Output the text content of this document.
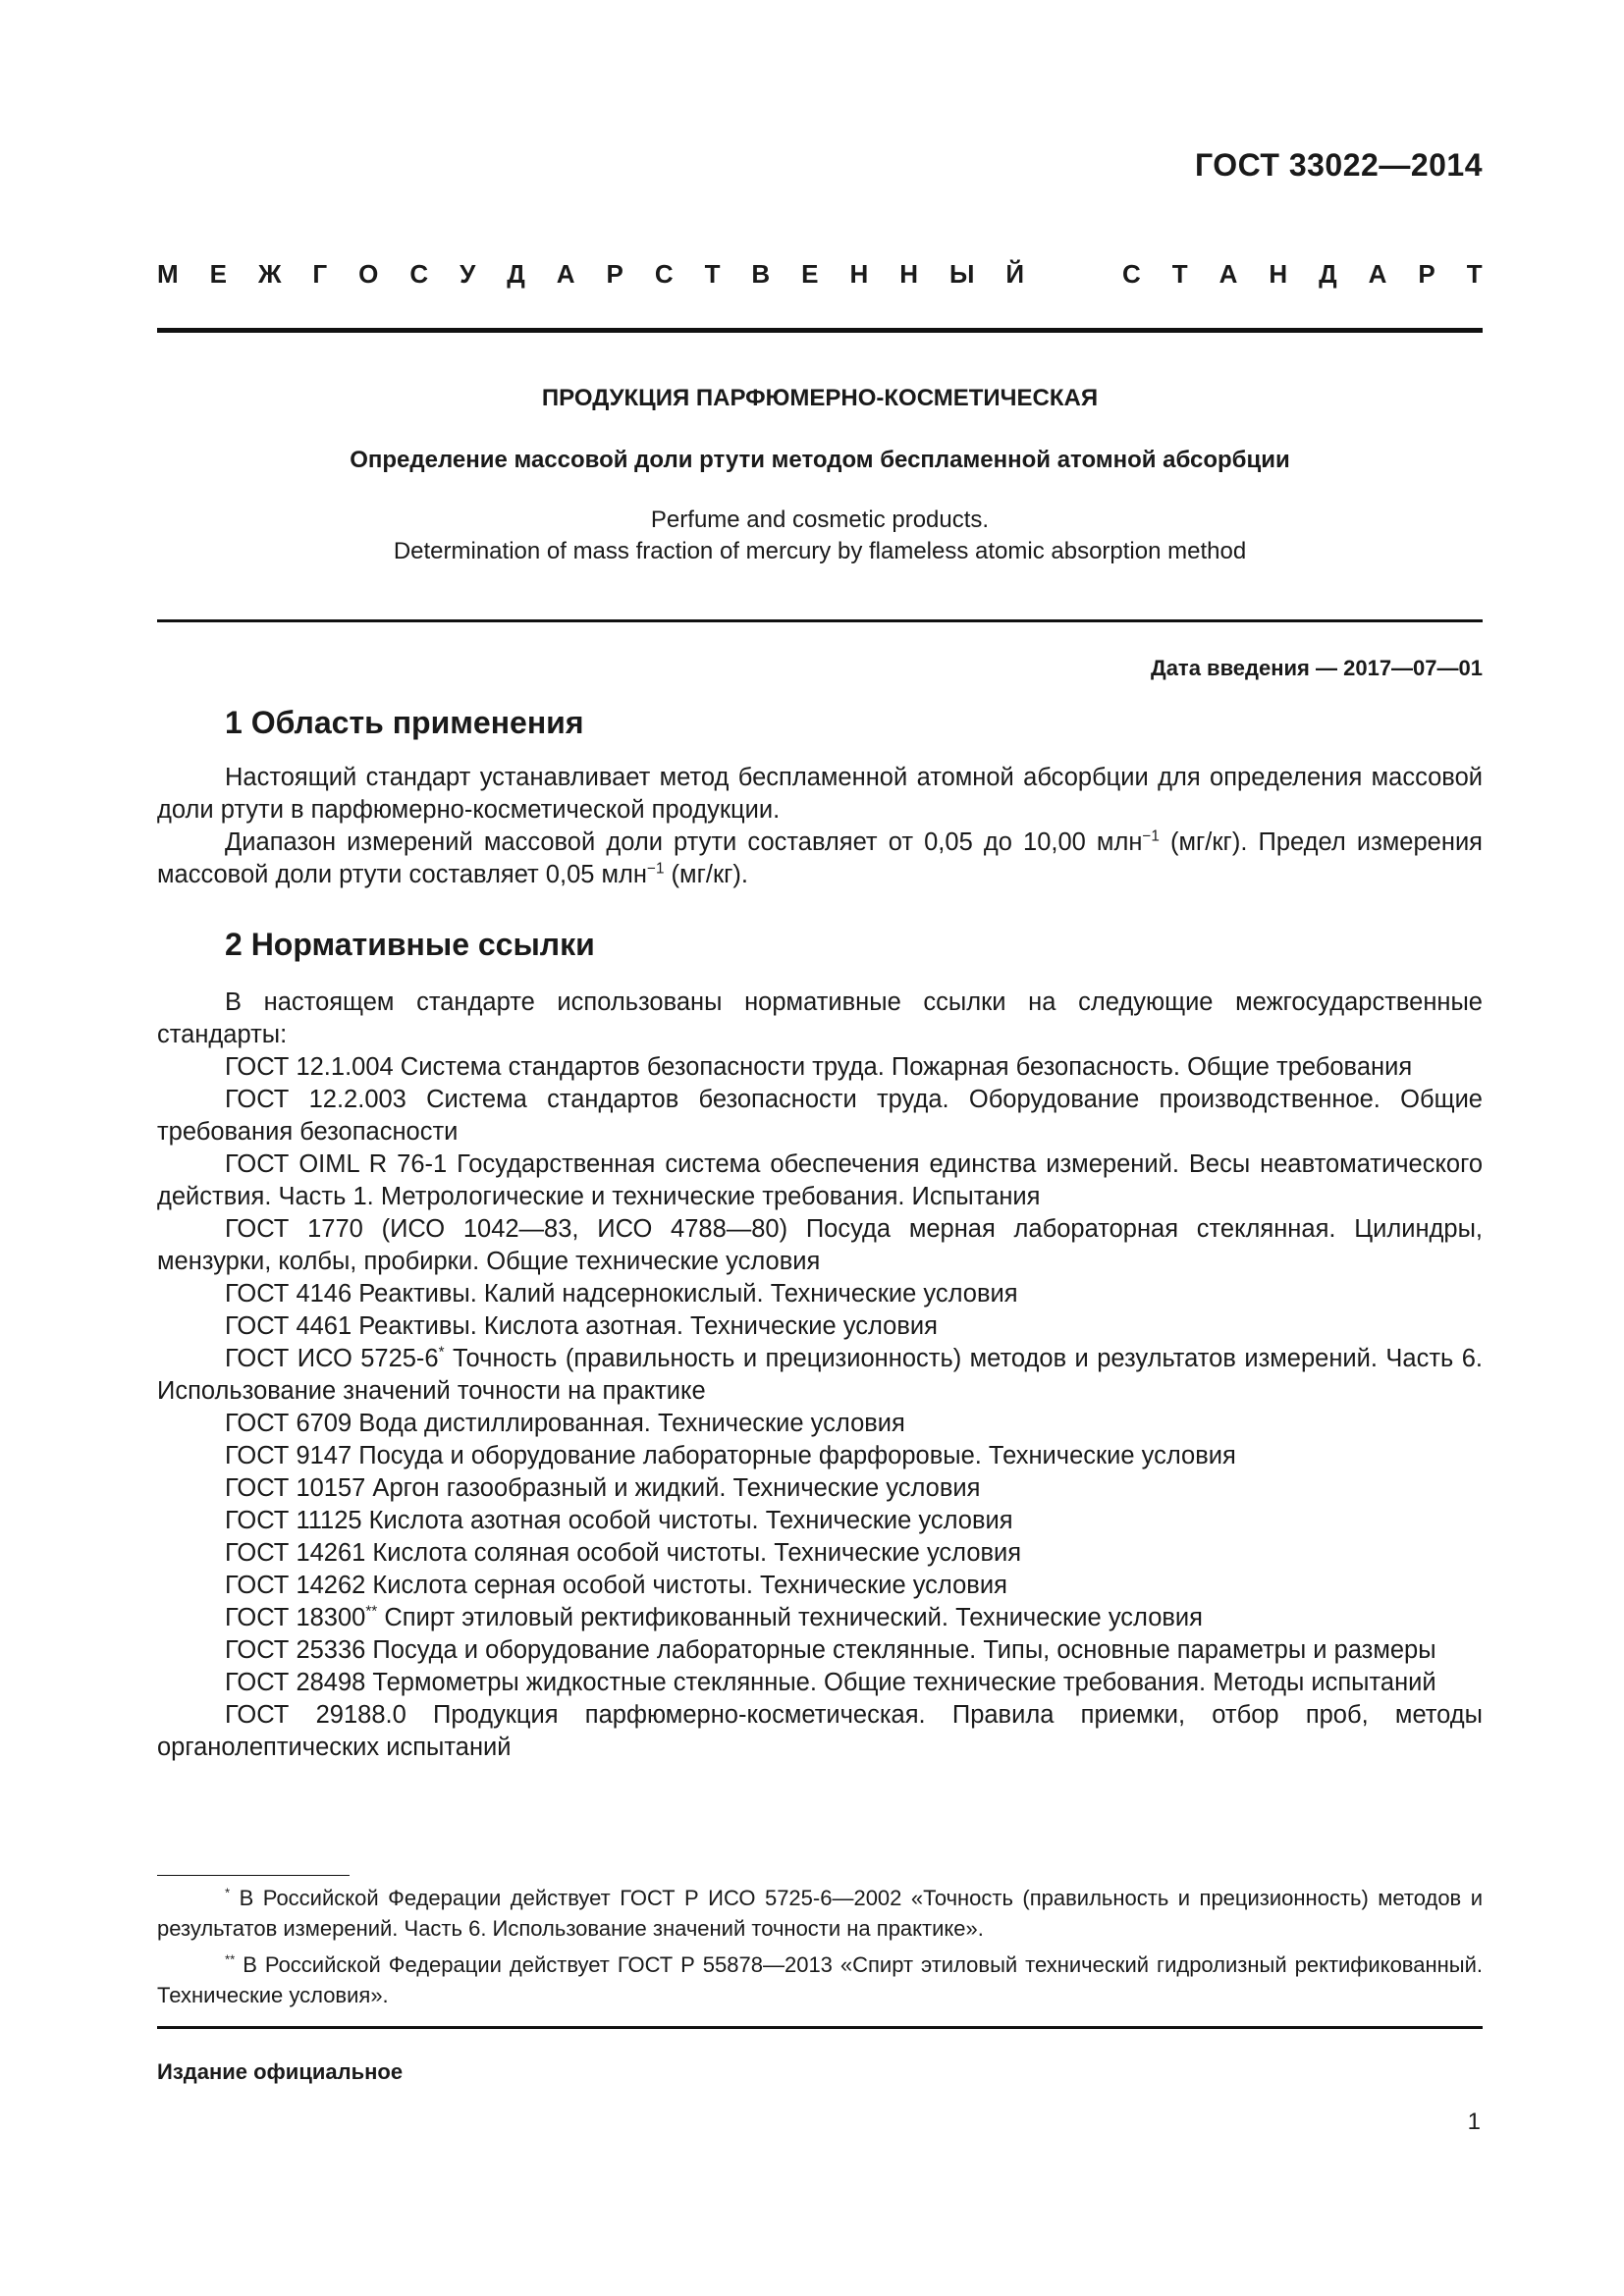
ГОСТ 33022—2014
М Е Ж Г О С У Д А Р С Т В Е Н Н Ы Й	С Т А Н Д А Р Т
ПРОДУКЦИЯ ПАРФЮМЕРНО-КОСМЕТИЧЕСКАЯ
Определение массовой доли ртути методом беспламенной атомной абсорбции
Perfume and cosmetic products.
Determination of mass fraction of mercury by flameless atomic absorption method
Дата введения — 2017—07—01
1 Область применения

Настоящий стандарт устанавливает метод беспламенной атомной абсорбции для определения массовой доли ртути в парфюмерно-косметической продукции.

Диапазон измерений массовой доли ртути составляет от 0,05 до 10,00 млн$^{-1}$ (мг/кг). Предел измерения массовой доли ртути составляет 0,05 млн$^{-1}$ (мг/кг).

2 Нормативные ссылки

В настоящем стандарте использованы нормативные ссылки на следующие межгосударственные стандарты:

ГОСТ 12.1.004 Система стандартов безопасности труда. Пожарная безопасность. Общие требования

ГОСТ 12.2.003 Система стандартов безопасности труда. Оборудование производственное. Общие требования безопасности

ГОСТ OIML R 76-1 Государственная система обеспечения единства измерений. Весы неавтоматического действия. Часть 1. Метрологические и технические требования. Испытания

ГОСТ 1770 (ИСО 1042—83, ИСО 4788—80) Посуда мерная лабораторная стеклянная. Цилиндры, мензурки, колбы, пробирки. Общие технические условия

ГОСТ 4146 Реактивы. Калий надсернокислый. Технические условия

ГОСТ 4461 Реактивы. Кислота азотная. Технические условия

ГОСТ ИСО 5725-6* Точность (правильность и прецизионность) методов и результатов измерений. Часть 6. Использование значений точности на практике

ГОСТ 6709 Вода дистиллированная. Технические условия

ГОСТ 9147 Посуда и оборудование лабораторные фарфоровые. Технические условия

ГОСТ 10157 Аргон газообразный и жидкий. Технические условия

ГОСТ 11125 Кислота азотная особой чистоты. Технические условия

ГОСТ 14261 Кислота соляная особой чистоты. Технические условия

ГОСТ 14262 Кислота серная особой чистоты. Технические условия

ГОСТ 18300** Спирт этиловый ректификованный технический. Технические условия

ГОСТ 25336 Посуда и оборудование лабораторные стеклянные. Типы, основные параметры и размеры

ГОСТ 28498 Термометры жидкостные стеклянные. Общие технические требования. Методы испытаний

ГОСТ 29188.0 Продукция парфюмерно-косметическая. Правила приемки, отбор проб, методы органолептических испытаний

* В Российской Федерации действует ГОСТ Р ИСО 5725-6—2002 «Точность (правильность и прецизионность) методов и результатов измерений. Часть 6. Использование значений точности на практике».

** В Российской Федерации действует ГОСТ Р 55878—2013 «Спирт этиловый технический гидролизный ректификованный. Технические условия».

Издание официальное
1
